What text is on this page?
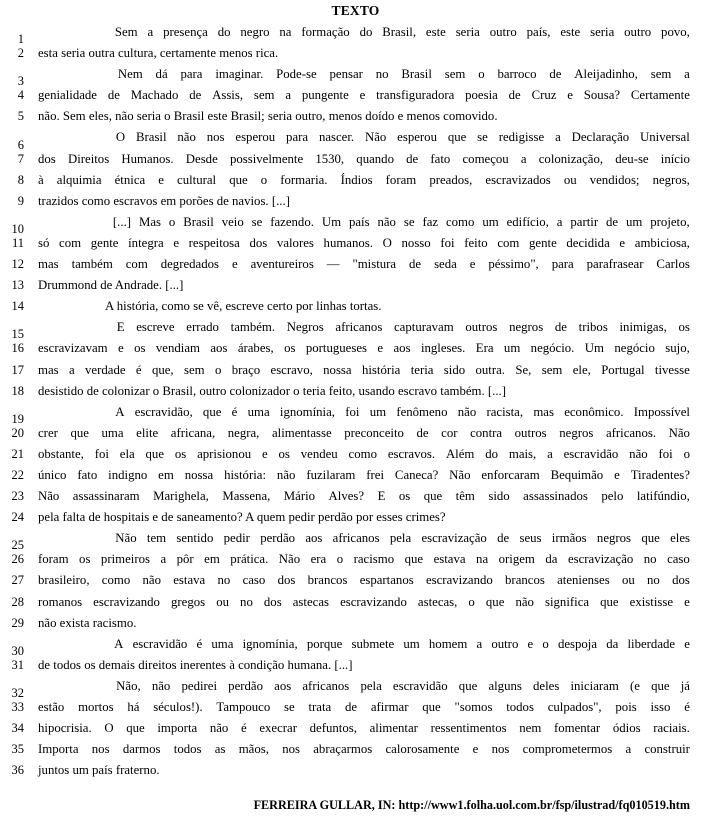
TEXTO
1
Sem a presença do negro na formação do Brasil, este seria outro país, este seria outro povo,
2 esta seria outra cultura, certamente menos rica.
3
Nem dá para imaginar. Pode-se pensar no Brasil sem o barroco de Aleijadinho, sem a
4 genialidade de Machado de Assis, sem a pungente e transfiguradora poesia de Cruz e Sousa? Certamente
5 não. Sem eles, não seria o Brasil este Brasil; seria outro, menos doído e menos comovido.
6
O Brasil não nos esperou para nascer. Não esperou que se redigisse a Declaração Universal
7 dos Direitos Humanos. Desde possivelmente 1530, quando de fato começou a colonização, deu-se início
8 à alquimia étnica e cultural que o formaria. Índios foram preados, escravizados ou vendidos; negros,
9 trazidos como escravos em porões de navios. [...]
10
[...] Mas o Brasil veio se fazendo. Um país não se faz como um edifício, a partir de um projeto,
11 só com gente íntegra e respeitosa dos valores humanos. O nosso foi feito com gente decidida e ambiciosa,
12 mas também com degredados e aventureiros — "mistura de seda e péssimo", para parafrasear Carlos
13 Drummond de Andrade. [...]
14	A história, como se vê, escreve certo por linhas tortas.
15
E escreve errado também. Negros africanos capturavam outros negros de tribos inimigas, os
16 escravizavam e os vendiam aos árabes, os portugueses e aos ingleses. Era um negócio. Um negócio sujo,
17 mas a verdade é que, sem o braço escravo, nossa história teria sido outra. Se, sem ele, Portugal tivesse
18 desistido de colonizar o Brasil, outro colonizador o teria feito, usando escravo também. [...]
19
A escravidão, que é uma ignomínia, foi um fenômeno não racista, mas econômico. Impossível
20 crer que uma elite africana, negra, alimentasse preconceito de cor contra outros negros africanos. Não
21 obstante, foi ela que os aprisionou e os vendeu como escravos. Além do mais, a escravidão não foi o
22 único fato indigno em nossa história: não fuzilaram frei Caneca? Não enforcaram Bequimão e Tiradentes?
23 Não assassinaram Marighela, Massena, Mário Alves? E os que têm sido assassinados pelo latifúndio,
24 pela falta de hospitais e de saneamento? A quem pedir perdão por esses crimes?
25
Não tem sentido pedir perdão aos africanos pela escravização de seus irmãos negros que eles
26 foram os primeiros a pôr em prática. Não era o racismo que estava na origem da escravização no caso
27 brasileiro, como não estava no caso dos brancos espartanos escravizando brancos atenienses ou no dos
28 romanos escravizando gregos ou no dos astecas escravizando astecas, o que não significa que existisse e
29 não exista racismo.
30
A escravidão é uma ignomínia, porque submete um homem a outro e o despoja da liberdade e
31 de todos os demais direitos inerentes à condição humana. [...]
32
Não, não pedirei perdão aos africanos pela escravidão que alguns deles iniciaram (e que já
33 estão mortos há séculos!). Tampouco se trata de afirmar que "somos todos culpados", pois isso é
34 hipocrisia. O que importa não é execrar defuntos, alimentar ressentimentos nem fomentar ódios raciais.
35 Importa nos darmos todos as mãos, nos abraçarmos calorosamente e nos comprometermos a construir
36 juntos um país fraterno.
FERREIRA GULLAR, IN: http://www1.folha.uol.com.br/fsp/ilustrad/fq010519.htm
